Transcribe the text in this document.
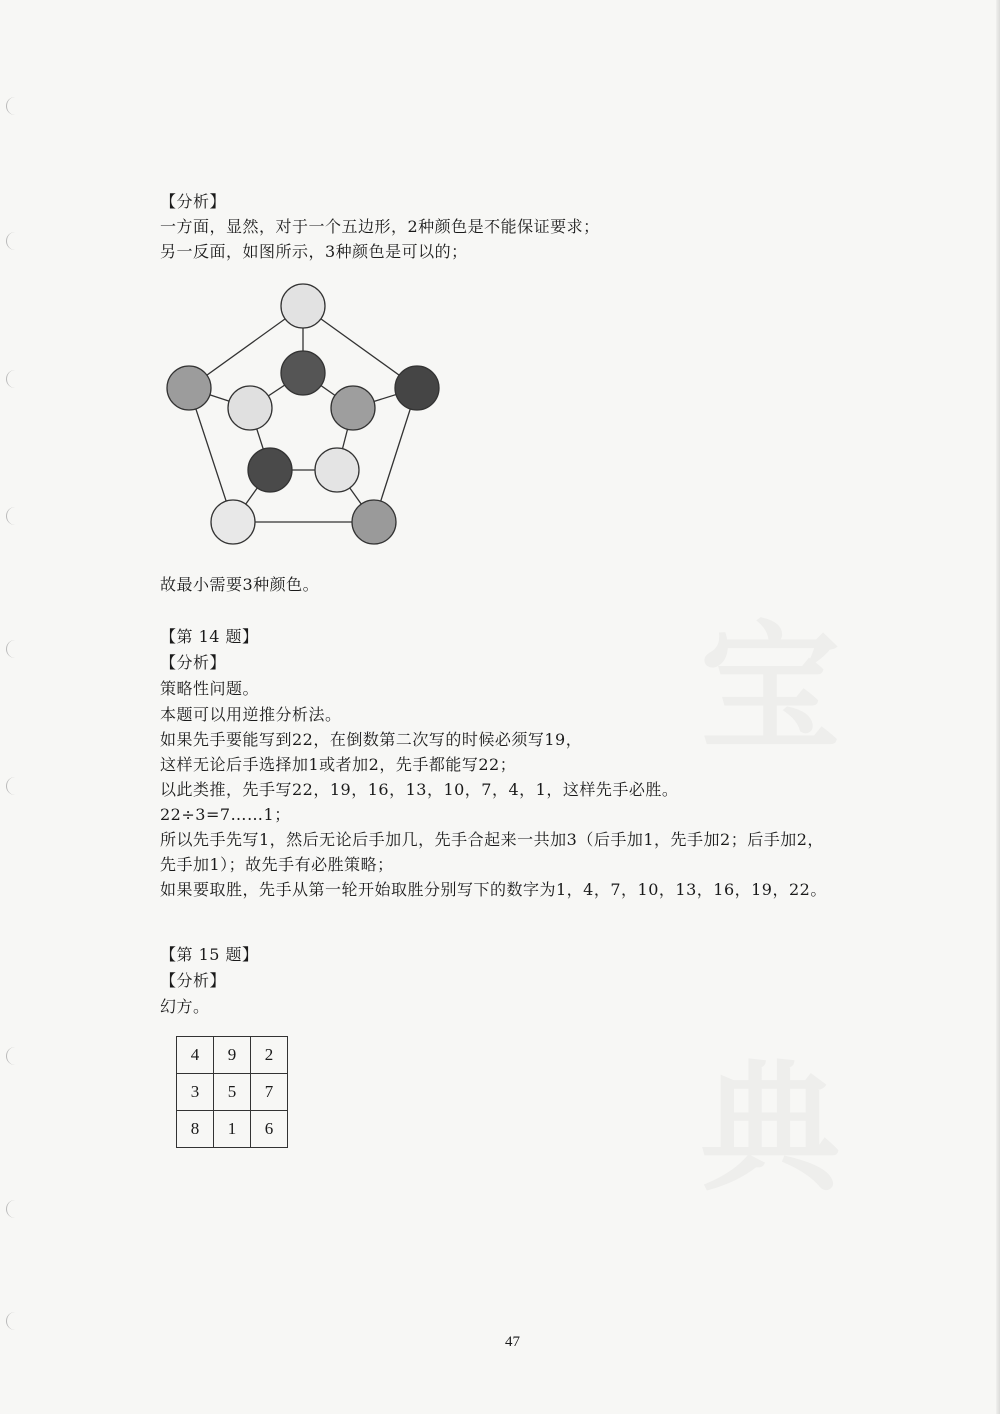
宝
典
【分析】
一方面，显然，对于一个五边形，2种颜色是不能保证要求；
另一反面，如图所示，3种颜色是可以的；
故最小需要3种颜色。
【第 14 题】
【分析】
策略性问题。
本题可以用逆推分析法。
如果先手要能写到22，在倒数第二次写的时候必须写19，
这样无论后手选择加1或者加2，先手都能写22；
以此类推，先手写22，19，16，13，10，7，4，1，这样先手必胜。
22÷3=7……1；
所以先手先写1，然后无论后手加几，先手合起来一共加3（后手加1，先手加2；后手加2，
先手加1）；故先手有必胜策略；
如果要取胜，先手从第一轮开始取胜分别写下的数字为1，4，7，10，13，16，19，22。
【第 15 题】
【分析】
幻方。
4	9	2
3	5	7
8	1	6
47
